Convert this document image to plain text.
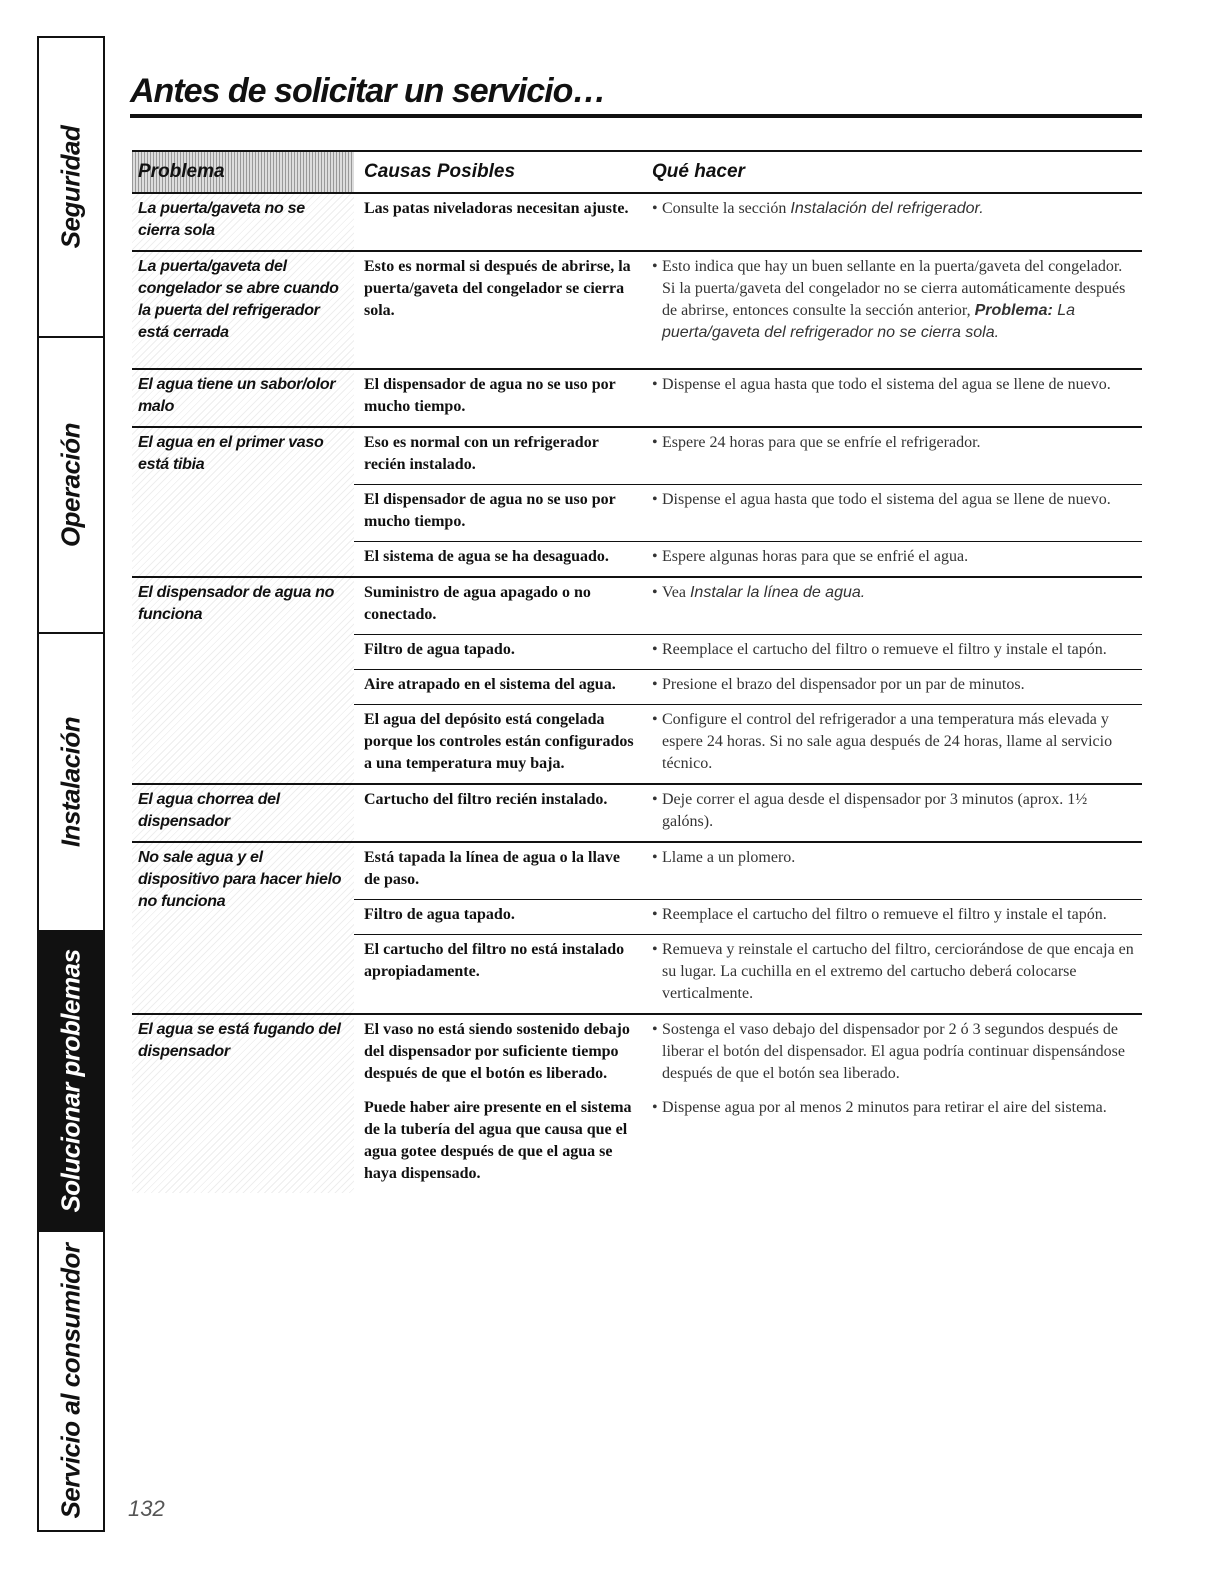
Seguridad
Operación
Instalación
Solucionar problemas
Servicio al consumidor
Antes de solicitar un servicio…
Problema	Causas Posibles	Qué hacer
La puerta/gaveta no se cierra sola	Las patas niveladoras necesitan ajuste.	• Consulte la sección Instalación del refrigerador.

La puerta/gaveta del congelador se abre cuando la puerta del refrigerador está cerrada	Esto es normal si después de abrirse, la puerta/gaveta del congelador se cierra sola.	• Esto indica que hay un buen sellante en la puerta/gaveta del congelador. Si la puerta/gaveta del congelador no se cierra automáticamente después de abrirse, entonces consulte la sección anterior, Problema: La puerta/gaveta del refrigerador no se cierra sola.

El agua tiene un sabor/olor malo	El dispensador de agua no se uso por mucho tiempo.	• Dispense el agua hasta que todo el sistema del agua se llene de nuevo.

El agua en el primer vaso está tibia	Eso es normal con un refrigerador recién instalado.	• Espere 24 horas para que se enfríe el refrigerador.

	El dispensador de agua no se uso por mucho tiempo.	• Dispense el agua hasta que todo el sistema del agua se llene de nuevo.

	El sistema de agua se ha desaguado.	• Espere algunas horas para que se enfrié el agua.

El dispensador de agua no funciona	Suministro de agua apagado o no conectado.	• Vea Instalar la línea de agua.

	Filtro de agua tapado.	• Reemplace el cartucho del filtro o remueve el filtro y instale el tapón.

	Aire atrapado en el sistema del agua.	• Presione el brazo del dispensador por un par de minutos.

	El agua del depósito está congelada porque los controles están configurados a una temperatura muy baja.	• Configure el control del refrigerador a una temperatura más elevada y espere 24 horas. Si no sale agua después de 24 horas, llame al servicio técnico.

El agua chorrea del dispensador	Cartucho del filtro recién instalado.	• Deje correr el agua desde el dispensador por 3 minutos (aprox. 1½ galóns).

No sale agua y el dispositivo para hacer hielo no funciona	Está tapada la línea de agua o la llave de paso.	• Llame a un plomero.

	Filtro de agua tapado.	• Reemplace el cartucho del filtro o remueve el filtro y instale el tapón.

	El cartucho del filtro no está instalado apropiadamente.	• Remueva y reinstale el cartucho del filtro, cerciorándose de que encaja en su lugar. La cuchilla en el extremo del cartucho deberá colocarse verticalmente.

El agua se está fugando del dispensador	El vaso no está siendo sostenido debajo del dispensador por suficiente tiempo después de que el botón es liberado.	• Sostenga el vaso debajo del dispensador por 2 ó 3 segundos después de liberar el botón del dispensador. El agua podría continuar dispensándose después de que el botón sea liberado.

	Puede haber aire presente en el sistema de la tubería del agua que causa que el agua gotee después de que el agua se haya dispensado.	• Dispense agua por al menos 2 minutos para retirar el aire del sistema.
132
